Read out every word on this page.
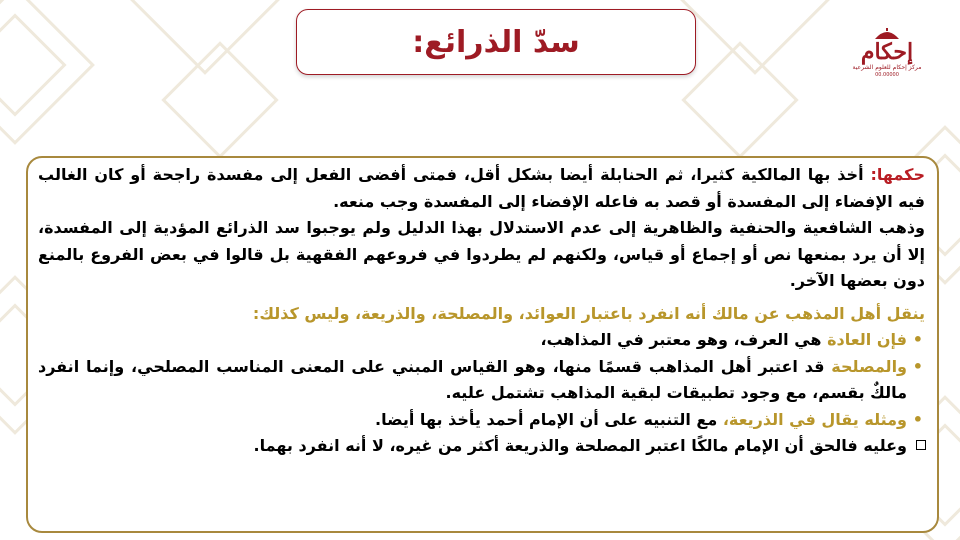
سدّ الذرائع:	إحكام
مركز إحكام للعلوم الشرعية
00.00000

حكمها: أخذ بها المالكية كثيرا، ثم الحنابلة أيضا بشكل أقل، فمتى أفضى الفعل إلى مفسدة راجحة أو كان الغالب فيه الإفضاء إلى المفسدة أو قصد به فاعله الإفضاء إلى المفسدة وجب منعه.

وذهب الشافعية والحنفية والظاهرية إلى عدم الاستدلال بهذا الدليل ولم يوجبوا سد الذرائع المؤدية إلى المفسدة، إلا أن يرد بمنعها نص أو إجماع أو قياس، ولكنهم لم يطردوا في فروعهم الفقهية بل قالوا في بعض الفروع بالمنع دون بعضها الآخر.

ينقل أهل المذهب عن مالك أنه انفرد باعتبار العوائد، والمصلحة، والذريعة، وليس كذلك:

•
فإن العادة هي العرف، وهو معتبر في المذاهب،
•
والمصلحة قد اعتبر أهل المذاهب قسمًا منها، وهو القياس المبني على المعنى المناسب المصلحي، وإنما انفرد مالكٌ بقسم، مع وجود تطبيقات لبقية المذاهب تشتمل عليه.
•
ومثله يقال في الذريعة، مع التنبيه على أن الإمام أحمد يأخذ بها أيضا.

وعليه فالحق أن الإمام مالكًا اعتبر المصلحة والذريعة أكثر من غيره، لا أنه انفرد بهما.
